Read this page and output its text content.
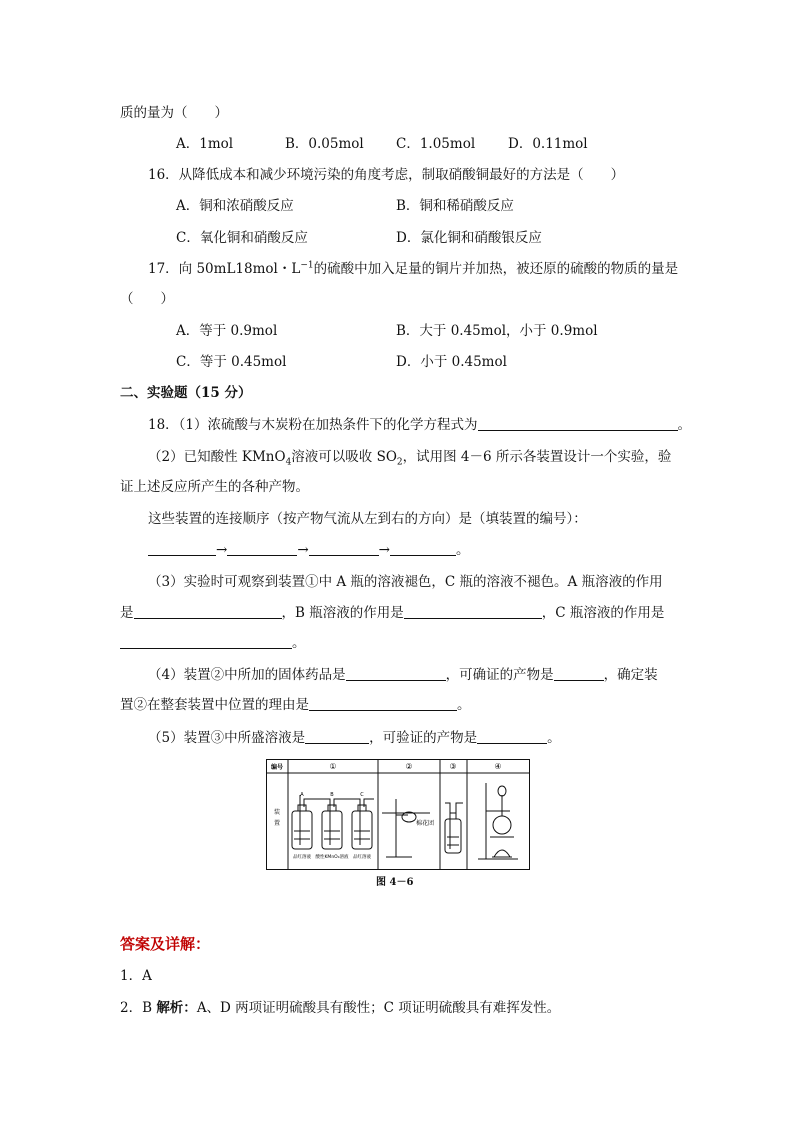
质的量为（　　）
A．1mol	B．0.05mol C．1.05mol D．0.11mol
16．从降低成本和减少环境污染的角度考虑，制取硝酸铜最好的方法是（　　）
A．铜和浓硝酸反应	B．铜和稀硝酸反应
C．氧化铜和硝酸反应	D．氯化铜和硝酸银反应
17．向 50mL18mol・$L^{-1}$的硫酸中加入足量的铜片并加热，被还原的硫酸的物质的量是
（　　）
A．等于 0.9mol	B．大于 0.45mol，小于 0.9mol
C．等于 0.45mol	D．小于 0.45mol
二、实验题（15 分）
18．（1）浓硫酸与木炭粉在加热条件下的化学方程式为	。
（2）已知酸性 KMnO$_4$溶液可以吸收 $SO_2$，试用图 4－6 所示各装置设计一个实验，验
证上述反应所产生的各种产物。
这些装置的连接顺序（按产物气流从左到右的方向）是（填装置的编号）：
→	→	→	。
（3）实验时可观察到装置①中 A 瓶的溶液褪色，C 瓶的溶液不褪色。A 瓶溶液的作用
是	，B 瓶溶液的作用是	，C 瓶溶液的作用是
。
（4）装置②中所加的固体药品是	，可确证的产物是	，确定装
置②在整套装置中位置的理由是	。
（5）装置③中所盛溶液是	，可验证的产物是	。
编号
装
置
①	②	③	④
A	B	C
品红溶液 酸性KMnO₄溶液 品红溶液
棉花团
图 4－6
答案及详解：
1．A
2．B 解析：A、D 两项证明硫酸具有酸性；C 项证明硫酸具有难挥发性。
